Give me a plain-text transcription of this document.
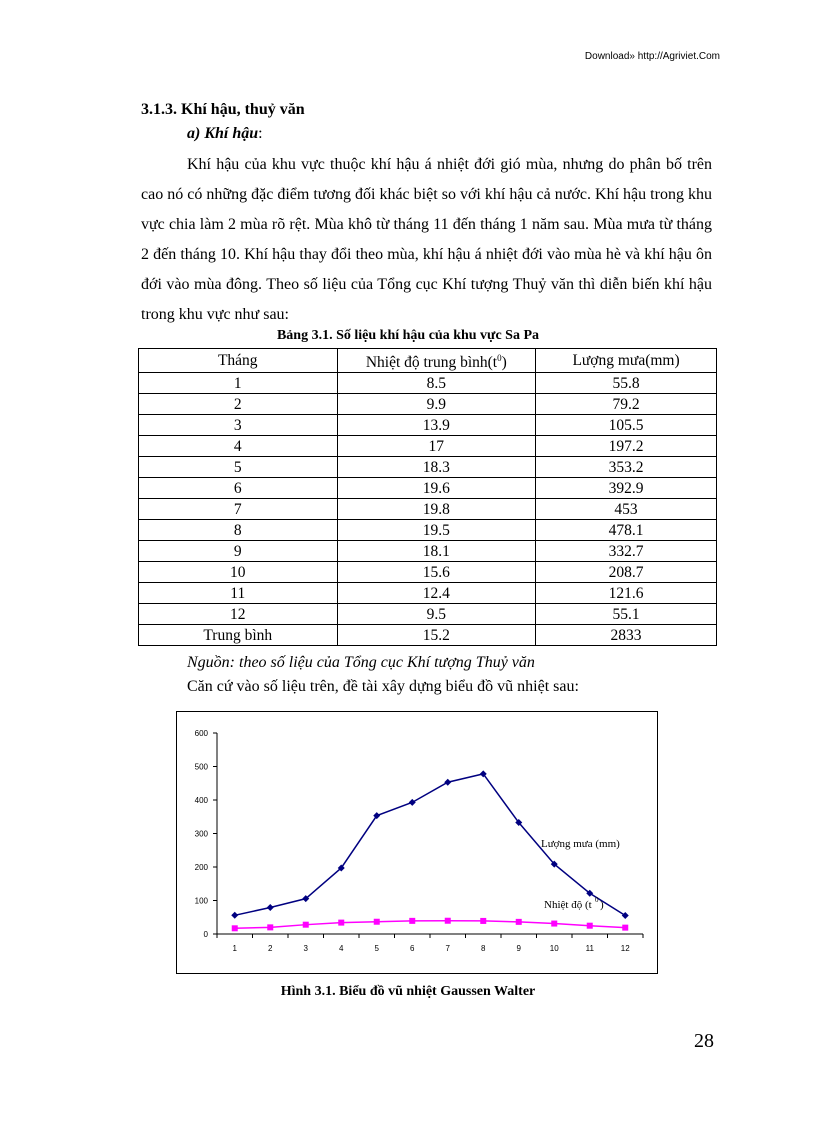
Download» http://Agriviet.Com
3.1.3. Khí hậu, thuỷ văn
a) Khí hậu:
Khí hậu của khu vực thuộc khí hậu á nhiệt đới gió mùa, nhưng do phân bố trên cao nó có những đặc điểm tương đối khác biệt so với khí hậu cả nước. Khí hậu trong khu vực chia làm 2 mùa rõ rệt. Mùa khô từ tháng 11 đến tháng 1 năm sau. Mùa mưa từ tháng 2 đến tháng 10. Khí hậu thay đổi theo mùa, khí hậu á nhiệt đới vào mùa hè và khí hậu ôn đới vào mùa đông. Theo số liệu của Tổng cục Khí tượng Thuỷ văn thì diễn biến khí hậu trong khu vực như sau:
Bảng 3.1. Số liệu khí hậu của khu vực Sa Pa
Tháng	Nhiệt độ trung $bình(t^0)$	Lượng mưa(mm)
1	8.5	55.8
2	9.9	79.2
3	13.9	105.5
4	17	197.2
5	18.3	353.2
6	19.6	392.9
7	19.8	453
8	19.5	478.1
9	18.1	332.7
10	15.6	208.7
11	12.4	121.6
12	9.5	55.1
Trung bình	15.2	2833
Nguồn: theo số liệu của Tổng cục Khí tượng Thuỷ văn
Căn cứ vào số liệu trên, đề tài xây dựng biểu đồ vũ nhiệt sau:
0
100
200
300
400
500
600
1	2	3	4	5	6	7	8	9	10	11	12
Lượng mưa (mm)
Nhiệt độ (t 0 )
Hình 3.1. Biểu đồ vũ nhiệt Gaussen Walter
28
